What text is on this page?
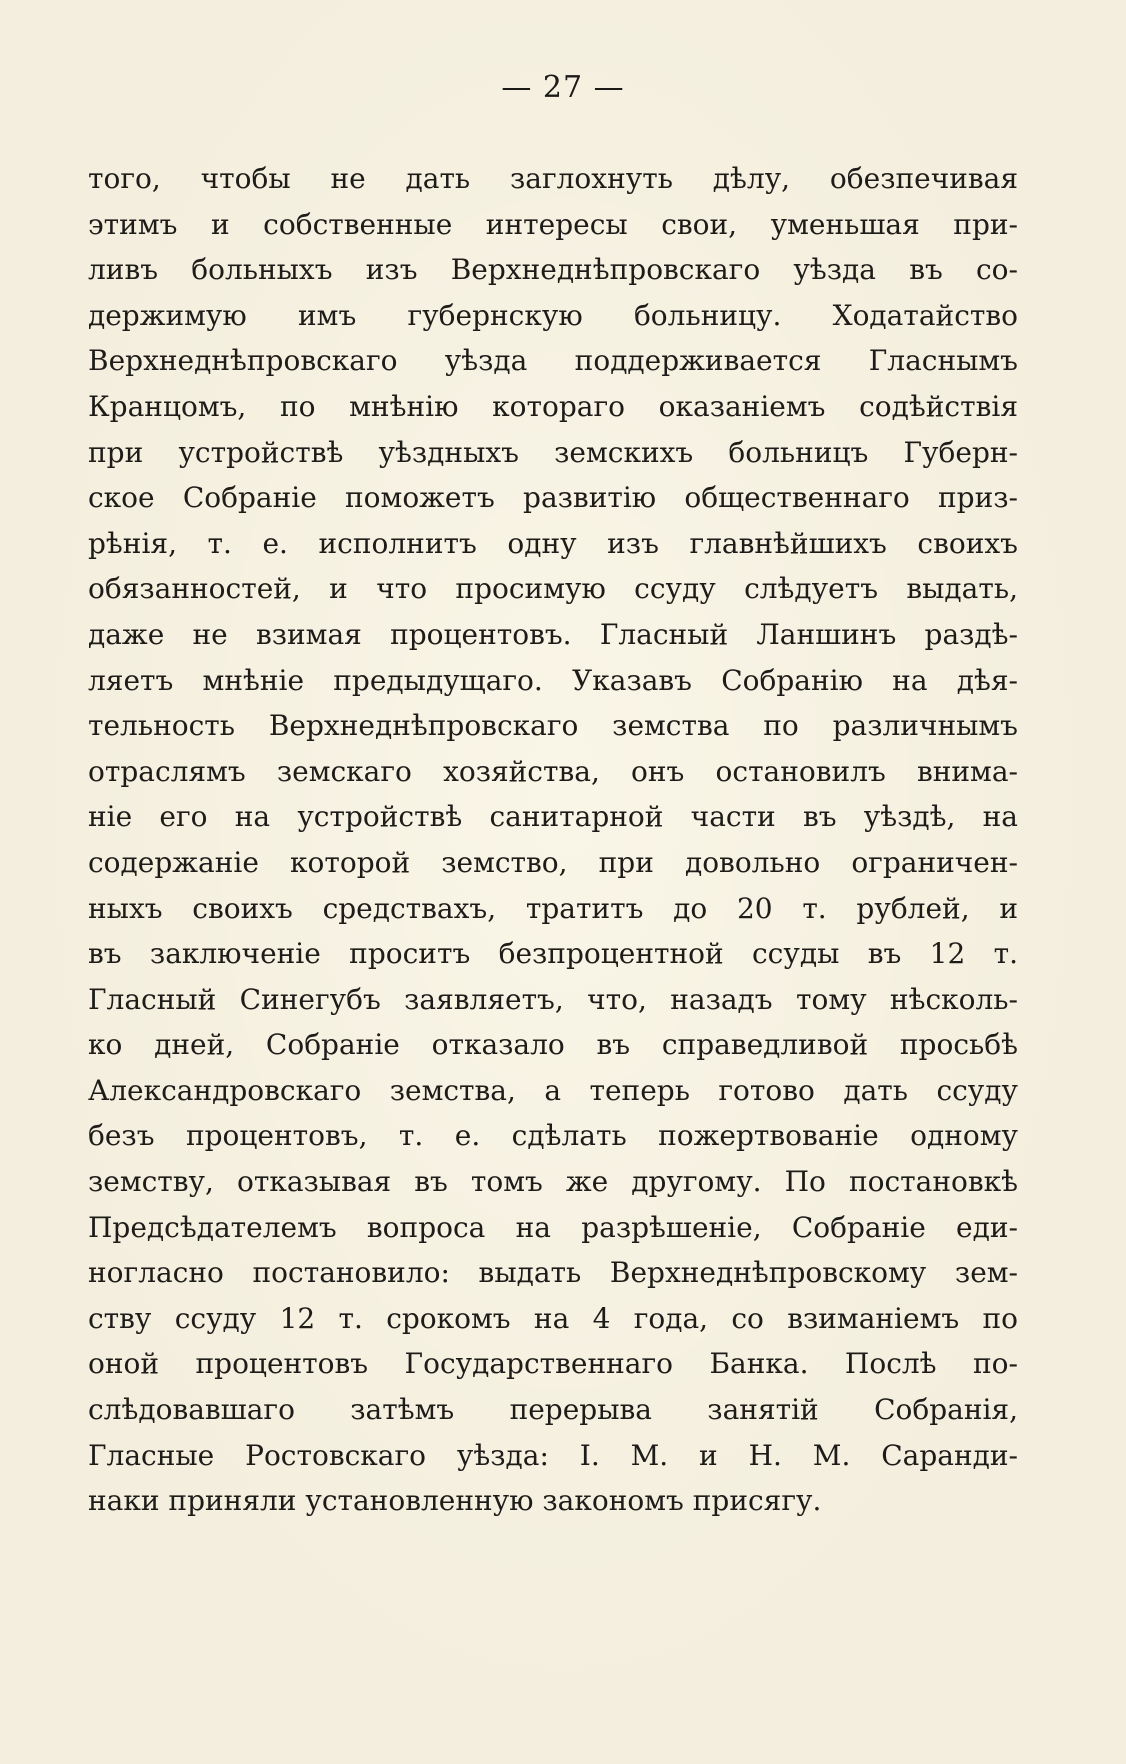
— 27 —
того, чтобы не дать заглохнуть дѣлу, обезпечивая
этимъ и собственные интересы свои, уменьшая при-
ливъ больныхъ изъ Верхнеднѣпровскаго уѣзда въ со-
держимую имъ губернскую больницу. Ходатайство
Верхнеднѣпровскаго уѣзда поддерживается Гласнымъ
Кранцомъ, по мнѣнію котораго оказаніемъ содѣйствія
при устройствѣ уѣздныхъ земскихъ больницъ Губерн-
ское Собраніе поможетъ развитію общественнаго приз-
рѣнія, т. е. исполнитъ одну изъ главнѣйшихъ своихъ
обязанностей, и что просимую ссуду слѣдуетъ выдать,
даже не взимая процентовъ. Гласный Ланшинъ раздѣ-
ляетъ мнѣніе предыдущаго. Указавъ Собранію на дѣя-
тельность Верхнеднѣпровскаго земства по различнымъ
отраслямъ земскаго хозяйства, онъ остановилъ внима-
ніе его на устройствѣ санитарной части въ уѣздѣ, на
содержаніе которой земство, при довольно ограничен-
ныхъ своихъ средствахъ, тратитъ до 20 т. рублей, и
въ заключеніе проситъ безпроцентной ссуды въ 12 т.
Гласный Синегубъ заявляетъ, что, назадъ тому нѣсколь-
ко дней, Собраніе отказало въ справедливой просьбѣ
Александровскаго земства, а теперь готово дать ссуду
безъ процентовъ, т. е. сдѣлать пожертвованіе одному
земству, отказывая въ томъ же другому. По постановкѣ
Предсѣдателемъ вопроса на разрѣшеніе, Собраніе еди-
ногласно постановило: выдать Верхнеднѣпровскому зем-
ству ссуду 12 т. срокомъ на 4 года, со взиманіемъ по
оной процентовъ Государственнаго Банка. Послѣ по-
слѣдовавшаго затѣмъ перерыва занятій Собранія,
Гласные Ростовскаго уѣзда: І. М. и Н. М. Саранди-
наки приняли установленную закономъ присягу.
